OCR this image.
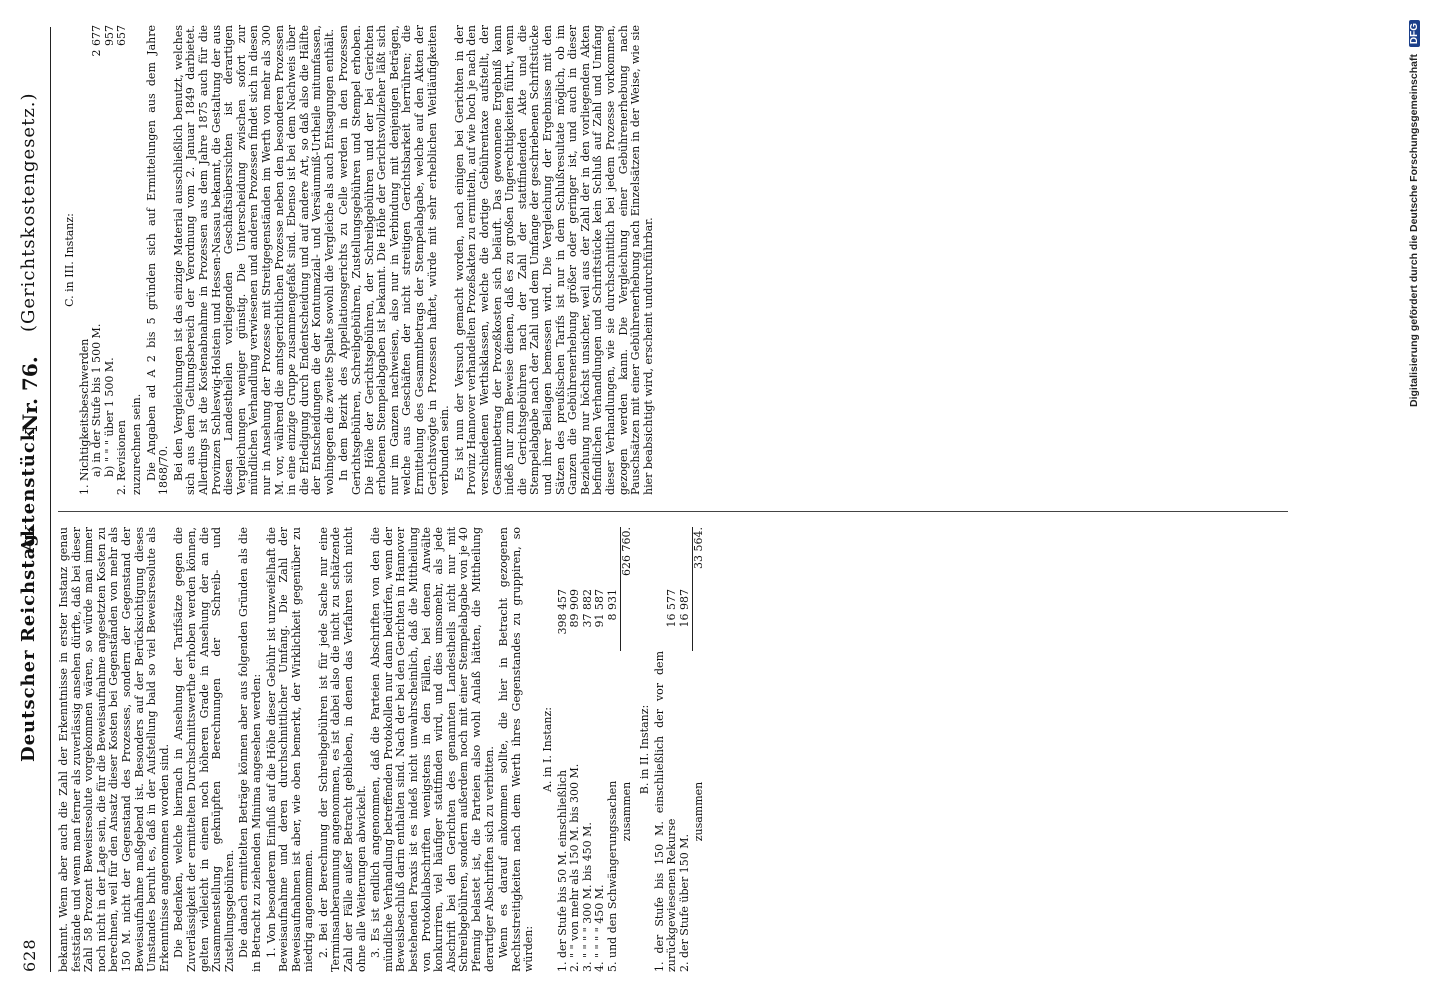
628
Deutscher Reichstag.
Aktenstück
Nr. 76.
(Gerichtskostengesetz.)

bekannt. Wenn aber auch die Zahl der Erkenntnisse in erster Instanz genau feststände und wenn man ferner als zuverlässig ansehen dürfte, daß bei dieser Zahl 58 Prozent Beweisresolute vorgekommen wären, so würde man immer noch nicht in der Lage sein, die für die Beweisaufnahme angesetzten Kosten zu berechnen, weil für den Ansatz dieser Kosten bei Gegenständen von mehr als 150 M. nicht der Gegenstand des Prozesses, sondern der Gegenstand der Beweisaufnahme maßgebend ist. Besonders auf der Berücksichtigung dieses Umstandes beruht es, daß in der Aufstellung bald so viel Beweisresolute als Erkenntnisse angenommen worden sind. Die Bedenken, welche hiernach in Ansehung der Tarifsätze gegen die Zuverlässigkeit der ermittelten Durchschnittswerthe erhoben werden können, gelten vielleicht in einem noch höheren Grade in Ansehung der an die Zusammenstellung geknüpften Berechnungen der Schreib- und Zustellungsgebühren. Die danach ermittelten Beträge können aber aus folgenden Gründen als die in Betracht zu ziehenden Minima angesehen werden: 1. Von besonderem Einfluß auf die Höhe dieser Gebühr ist unzweifelhaft die Beweisaufnahme und deren durchschnittlicher Umfang. Die Zahl der Beweisaufnahmen ist aber, wie oben bemerkt, der Wirklichkeit gegenüber zu niedrig angenommen. 2. Bei der Berechnung der Schreibgebühren ist für jede Sache nur eine Terminsanberaumung angenommen, es ist dabei also die nicht zu schätzende Zahl der Fälle außer Betracht geblieben, in denen das Verfahren sich nicht ohne alle Weiterungen abwickelt. 3. Es ist endlich angenommen, daß die Parteien Abschriften von den die mündliche Verhandlung betreffenden Protokollen nur dann bedürfen, wenn der Beweisbeschluß darin enthalten sind. Nach der bei den Gerichten in Hannover bestehenden Praxis ist es indeß nicht unwahrscheinlich, daß die Mittheilung von Protokollabschriften wenigstens in den Fällen, bei denen Anwälte konkurriren, viel häufiger stattfinden wird, und dies umsomehr, als jede Abschrift bei den Gerichten des genannten Landestheils nicht nur mit Schreibgebühren, sondern außerdem noch mit einer Stempelabgabe von je 40 Pfennig belastet ist, die Parteien also wohl Anlaß hätten, die Mittheilung derartiger Abschriften sich zu verbitten. Wenn es darauf ankommen sollte, die hier in Betracht gezogenen Rechtsstreitigkeiten nach dem Werth ihres Gegenstandes zu gruppiren, so würden:

A. in I. Instanz:
1. der Stufe bis 50 M. einschließlich	398 457	
2. " " von mehr als 150 M. bis 300 M.	89 909	
3. " " " " 300 M. bis 450 M.	37 882	
4. " " " " 450 M.	91 587	
5. und den Schwängerungssachen	8 931	
zusammen		626 760.
B. in II. Instanz: 1. der Stufe bis 150 M. einschließlich der vor dem zurückgewiesenen Rekurse	16 577	
2. der Stufe über 150 M.	16 987	
zusammen		33 564.
C. in III. Instanz:
1. Nichtigkeitsbeschwerden	
a) in der Stufe bis 1 500 M.	2 677
b) " " " über 1 500 M.	957
2. Revisionen	657

zuzurechnen sein. Die Angaben ad A 2 bis 5 gründen sich auf Ermittelungen aus dem Jahre 1868/70. Bei den Vergleichungen ist das einzige Material ausschließlich benutzt, welches sich aus dem Geltungsbereich der Verordnung vom 2. Januar 1849 darbietet. Allerdings ist die Kostenabnahme in Prozessen aus dem Jahre 1875 auch für die Provinzen Schleswig-Holstein und Hessen-Nassau bekannt, die Gestaltung der aus diesen Landestheilen vorliegenden Geschäftsübersichten ist derartigen Vergleichungen weniger günstig. Die Unterscheidung zwischen sofort zur mündlichen Verhandlung verwiesenen und anderen Prozessen findet sich in diesen nur in Ansehung der Prozesse mit Streitgegenständen im Werth von mehr als 300 M. vor, während die amtsgerichtlichen Prozesse neben den besonderen Prozessen in eine einzige Gruppe zusammengefaßt sind. Ebenso ist bei dem Nachweis über die Erledigung durch Endentscheidung und auf andere Art, so daß also die Hälfte der Entscheidungen die der Kontumazial- und Versäumniß-Urtheile mitumfassen, wohingegen die zweite Spalte sowohl die Vergleiche als auch Entsagungen enthält. In dem Bezirk des Appellationsgerichts zu Celle werden in den Prozessen Gerichtsgebühren, Schreibgebühren, Zustellungsgebühren und Stempel erhoben. Die Höhe der Gerichtsgebühren, der Schreibgebühren und der bei Gerichten erhobenen Stempelabgaben ist bekannt. Die Höhe der Gerichtsvollzieher läßt sich nur im Ganzen nachweisen, also nur in Verbindung mit denjenigen Beträgen, welche aus Geschäften der nicht streitigen Gerichtsbarkeit herrühren; die Ermittelung des Gesammtbetrags der Stempelabgabe, welche auf den Akten der Gerichtsvögte in Prozessen haftet, würde mit sehr erheblichen Weitläufigkeiten verbunden sein. Es ist nun der Versuch gemacht worden, nach einigen bei Gerichten in der Provinz Hannover verhandelten Prozeßakten zu ermitteln, auf wie hoch je nach den verschiedenen Werthsklassen, welche die dortige Gebührentaxe aufstellt, der Gesammtbetrag der Prozeßkosten sich beläuft. Das gewonnene Ergebniß kann indeß nur zum Beweise dienen, daß es zu großen Ungerechtigkeiten führt, wenn die Gerichtsgebühren nach der Zahl der stattfindenden Akte und die Stempelabgabe nach der Zahl und dem Umfange der geschriebenen Schriftstücke und ihrer Beilagen bemessen wird. Die Vergleichung der Ergebnisse mit den Sätzen des preußischen Tarifs ist nur in dem Schlußresultate möglich, ob im Ganzen die Gebührenerhebung größer oder geringer ist, und auch in dieser Beziehung nur höchst unsicher, weil aus der Zahl der in den vorliegenden Akten befindlichen Verhandlungen und Schriftstücke kein Schluß auf Zahl und Umfang dieser Verhandlungen, wie sie durchschnittlich bei jedem Prozesse vorkommen, gezogen werden kann. Die Vergleichung einer Gebührenerhebung nach Pauschsätzen mit einer Gebührenerhebung nach Einzelsätzen in der Weise, wie sie hier beabsichtigt wird, erscheint undurchführbar.	Digitalisierung gefördert durch die Deutsche Forschungsgemeinschaft DFG
